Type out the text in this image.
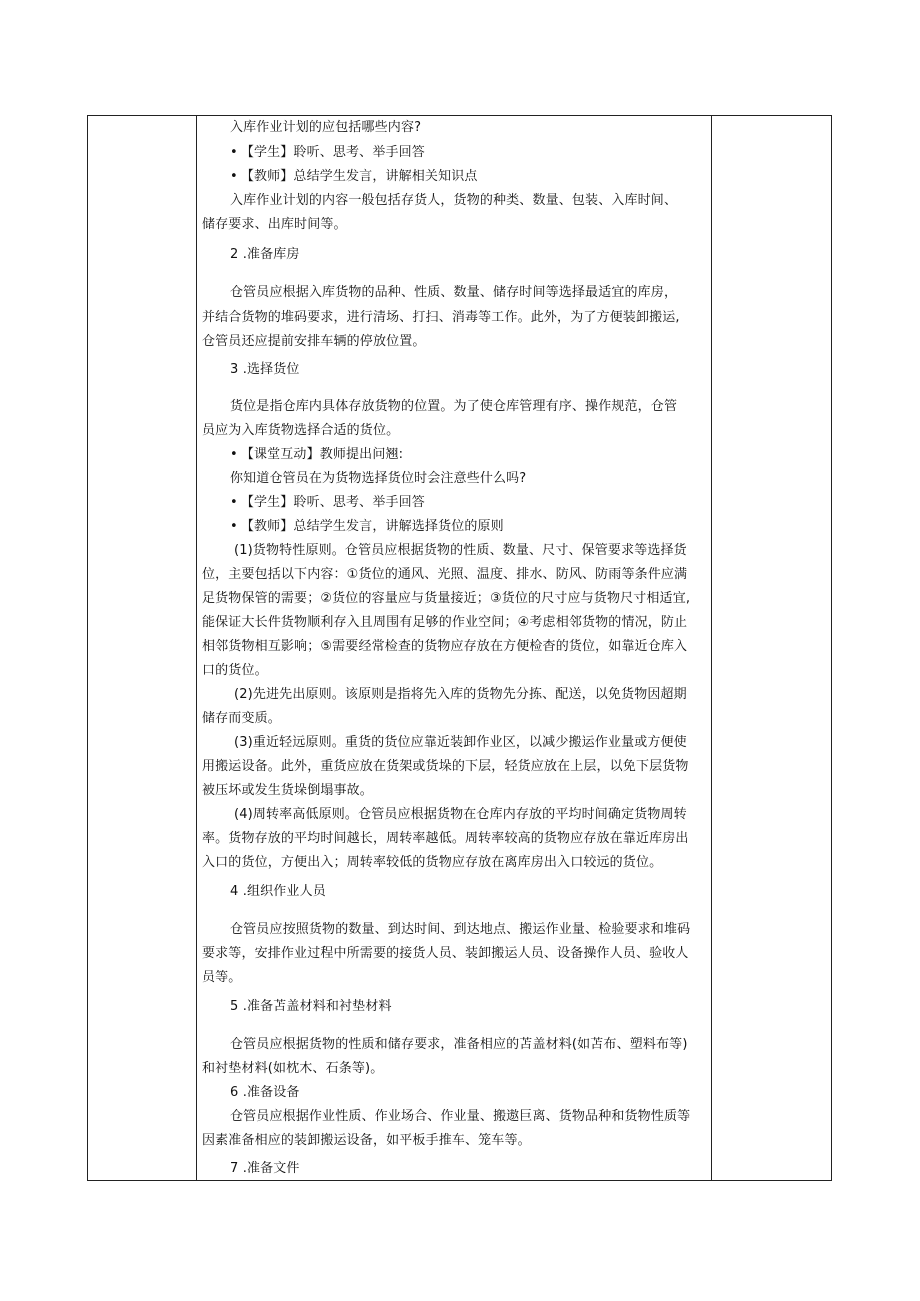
入库作业计划的应包括哪些内容?
• 【学生】聆听、思考、举手回答
• 【教师】总结学生发言，讲解相关知识点
入库作业计划的内容一般包括存货人，货物的种类、数量、包装、入库时间、
储存要求、出库时间等。
2 .准备库房
仓管员应根据入库货物的品种、性质、数量、储存时间等选择最适宜的库房，
并结合货物的堆码要求，进行清场、打扫、消毒等工作。此外，为了方便装卸搬运,
仓管员还应提前安排车辆的停放位置。
3 .选择货位
货位是指仓库内具体存放货物的位置。为了使仓库管理有序、操作规范，仓管
员应为入库货物选择合适的货位。
• 【课堂互动】教师提出问翘:
你知道仓管员在为货物选择货位时会注意些什么吗?
• 【学生】聆听、思考、举手回答
• 【教师】总结学生发言，讲解选择货位的原则
(1)货物特性原则。仓管员应根据货物的性质、数量、尺寸、保管要求等选择货
位，主要包括以下内容：①货位的通风、光照、温度、排水、防风、防雨等条件应满
足货物保管的需要；②货位的容量应与货量接近；③货位的尺寸应与货物尺寸相适宜,
能保证大长件货物顺利存入且周围有足够的作业空间；④考虑相邻货物的情况，防止
相邻货物相互影响；⑤需要经常检查的货物应存放在方便检杳的货位，如靠近仓库入
口的货位。
(2)先进先出原则。该原则是指将先入库的货物先分拣、配送，以免货物因超期
储存而变质。
(3)重近轻远原则。重货的货位应靠近装卸作业区，以减少搬运作业量或方便使
用搬运设备。此外，重货应放在货架或货垛的下层，轻货应放在上层，以免下层货物
被压坏或发生货垛倒塌事故。
(4)周转率高低原则。仓管员应根据货物在仓库内存放的平均时间确定货物周转
率。货物存放的平均时间越长，周转率越低。周转率较高的货物应存放在靠近库房出
入口的货位，方便出入；周转率较低的货物应存放在离库房出入口较远的货位。
4 .组织作业人员
仓管员应按照货物的数量、到达时间、到达地点、搬运作业量、检验要求和堆码
要求等，安排作业过程中所需要的接货人员、装卸搬运人员、设备操作人员、验收人
员等。
5 .准备苫盖材料和衬垫材料
仓管员应根据货物的性质和储存要求，准备相应的苫盖材料(如苫布、塑料布等)
和衬垫材料(如枕木、石条等)。
6 .准备设备
仓管员应根据作业性质、作业场合、作业量、搬遨巨离、货物品种和货物性质等
因素准备相应的装卸搬运设备，如平板手推车、笼车等。
7 .准备文件
